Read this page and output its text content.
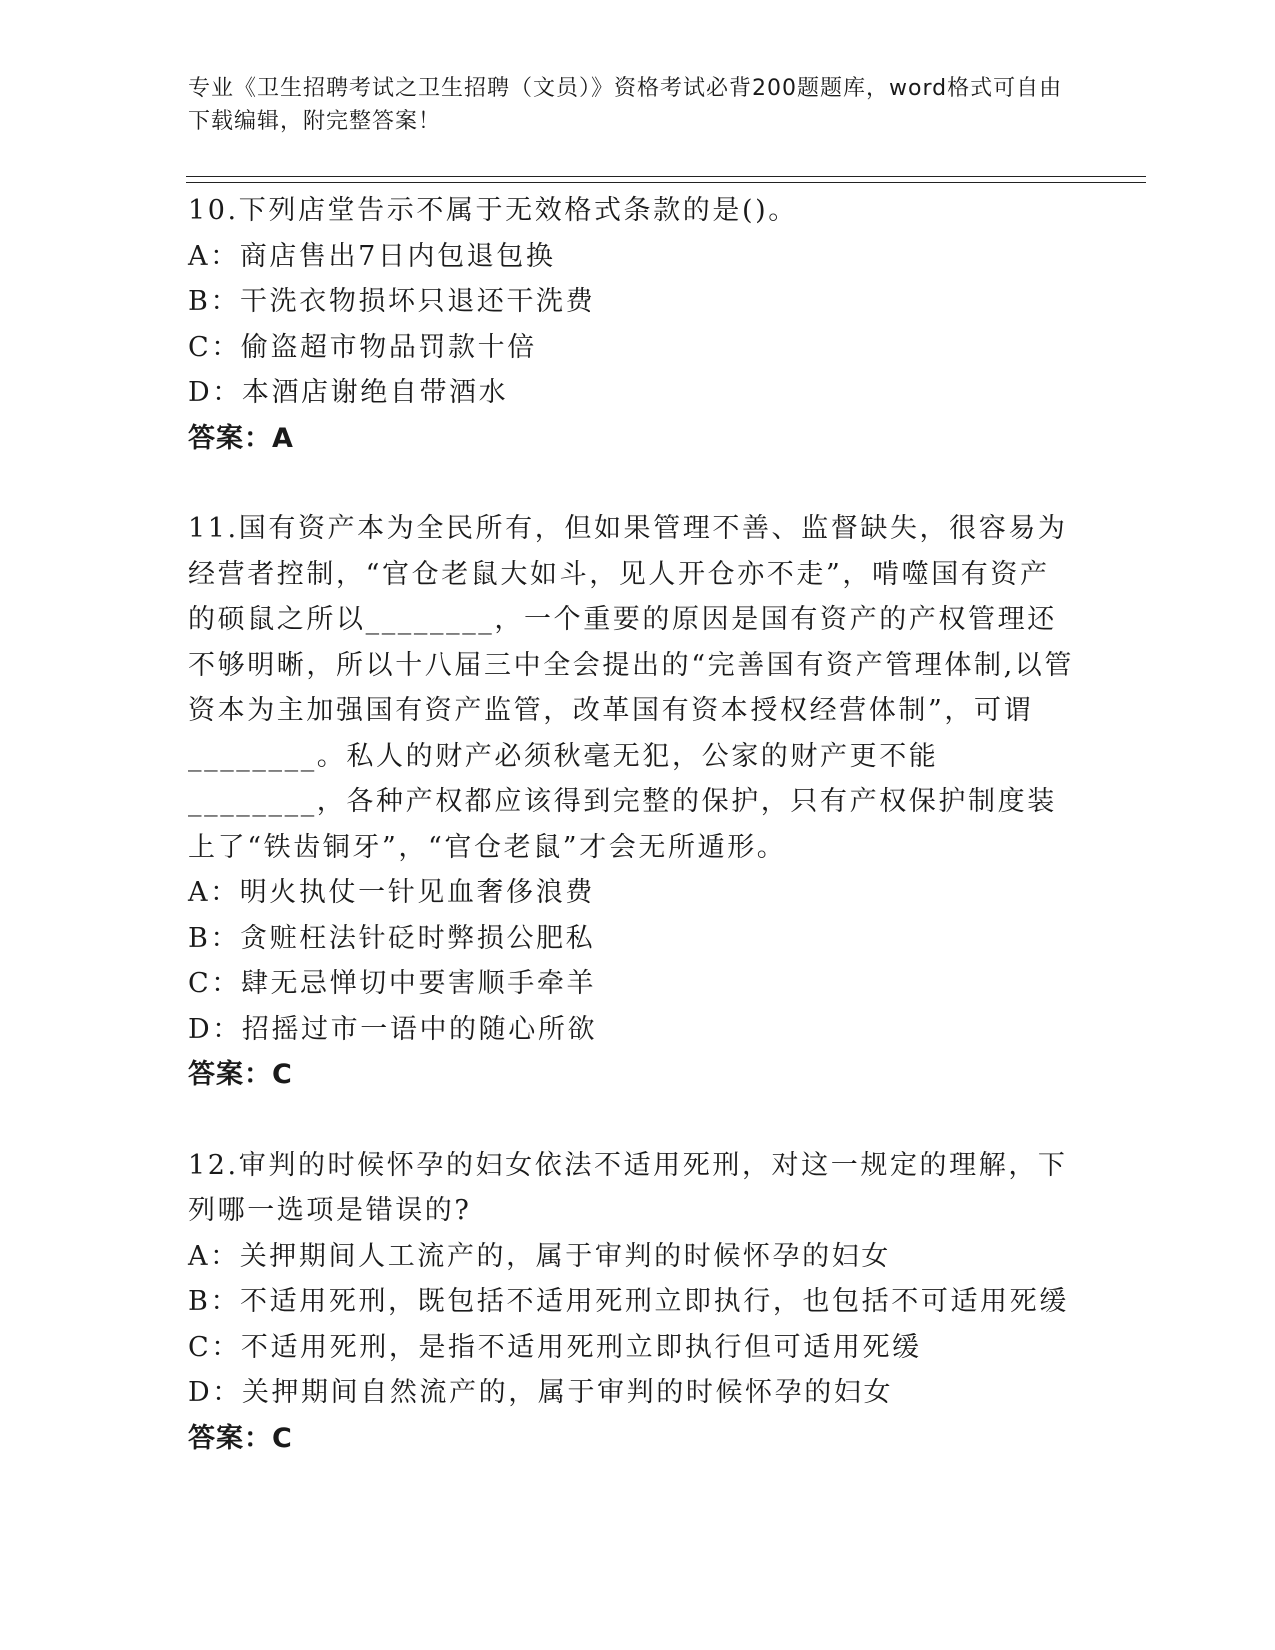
专业《卫生招聘考试之卫生招聘（文员）》资格考试必背200题题库，word格式可自由下载编辑，附完整答案！

10.下列店堂告示不属于无效格式条款的是()。

A：商店售出7日内包退包换

B：干洗衣物损坏只退还干洗费

C：偷盗超市物品罚款十倍

D：本酒店谢绝自带酒水

答案：A

11.国有资产本为全民所有，但如果管理不善、监督缺失，很容易为经营者控制，“官仓老鼠大如斗，见人开仓亦不走”，啃噬国有资产的硕鼠之所以________，一个重要的原因是国有资产的产权管理还不够明晰，所以十八届三中全会提出的“完善国有资产管理体制,以管资本为主加强国有资产监管，改革国有资本授权经营体制”，可谓________。私人的财产必须秋毫无犯，公家的财产更不能________，各种产权都应该得到完整的保护，只有产权保护制度装上了“铁齿铜牙”，“官仓老鼠”才会无所遁形。

A：明火执仗一针见血奢侈浪费

B：贪赃枉法针砭时弊损公肥私

C：肆无忌惮切中要害顺手牵羊

D：招摇过市一语中的随心所欲

答案：C

12.审判的时候怀孕的妇女依法不适用死刑，对这一规定的理解，下列哪一选项是错误的?

A：关押期间人工流产的，属于审判的时候怀孕的妇女

B：不适用死刑，既包括不适用死刑立即执行，也包括不可适用死缓

C：不适用死刑，是指不适用死刑立即执行但可适用死缓

D：关押期间自然流产的，属于审判的时候怀孕的妇女

答案：C
